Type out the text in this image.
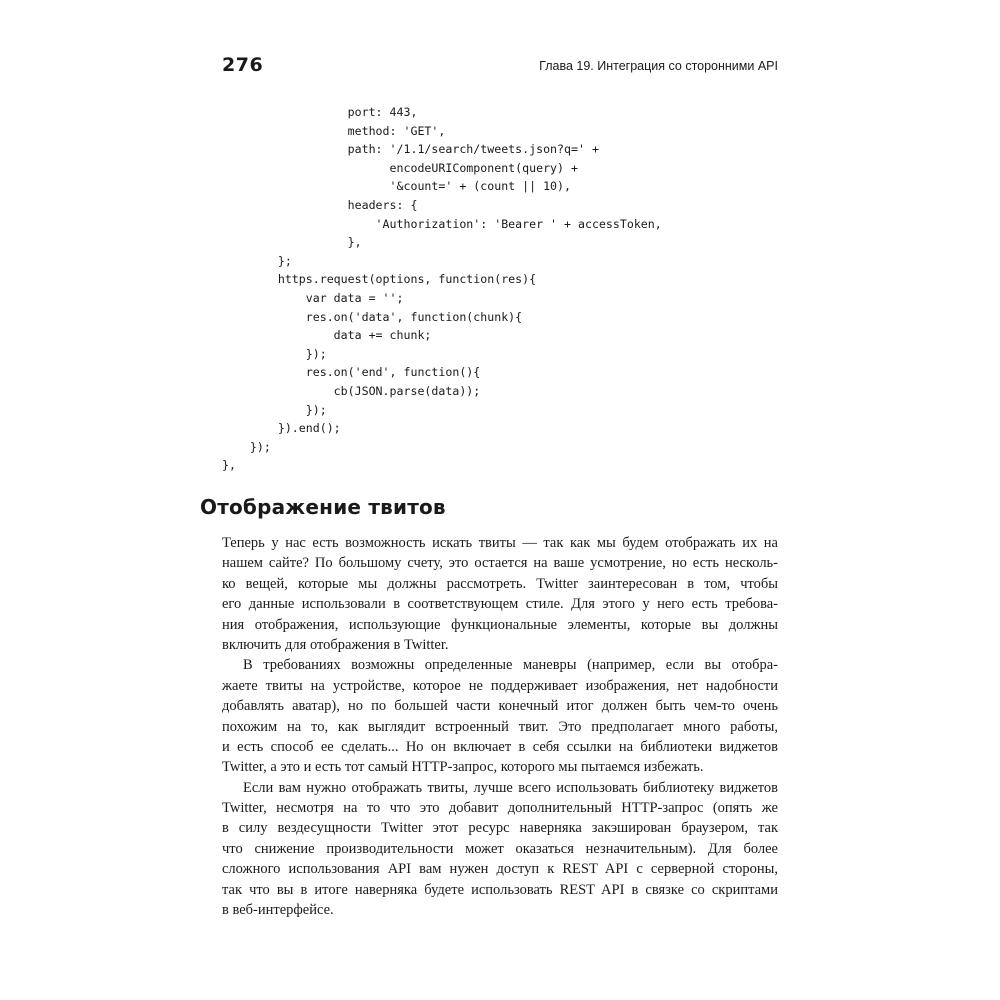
276	Глава 19. Интеграция со сторонними API
port: 443,
method: 'GET',
path: '/1.1/search/tweets.json?q=' +
encodeURIComponent(query) +
'&count=' + (count || 10),
headers: {
'Authorization': 'Bearer ' + accessToken,
},
};
https.request(options, function(res){
var data = '';
res.on('data', function(chunk){
data += chunk;
});
res.on('end', function(){
cb(JSON.parse(data));
});
}).end();
});
},
Отображение твитов
Теперь у нас есть возможность искать твиты — так как мы будем отображать их на
нашем сайте? По большому счету, это остается на ваше усмотрение, но есть несколь-
ко вещей, которые мы должны рассмотреть. Twitter заинтересован в том, чтобы
его данные использовали в соответствующем стиле. Для этого у него есть требова-
ния отображения, использующие функциональные элементы, которые вы должны
включить для отображения в Twitter.
В требованиях возможны определенные маневры (например, если вы отобра-
жаете твиты на устройстве, которое не поддерживает изображения, нет надобности
добавлять аватар), но по большей части конечный итог должен быть чем-то очень
похожим на то, как выглядит встроенный твит. Это предполагает много работы,
и есть способ ее сделать... Но он включает в себя ссылки на библиотеки виджетов
Twitter, а это и есть тот самый HTTP-запрос, которого мы пытаемся избежать.
Если вам нужно отображать твиты, лучше всего использовать библиотеку виджетов
Twitter, несмотря на то что это добавит дополнительный HTTP-запрос (опять же
в силу вездесущности Twitter этот ресурс наверняка закэширован браузером, так
что снижение производительности может оказаться незначительным). Для более
сложного использования API вам нужен доступ к REST API с серверной стороны,
так что вы в итоге наверняка будете использовать REST API в связке со скриптами
в веб-интерфейсе.
